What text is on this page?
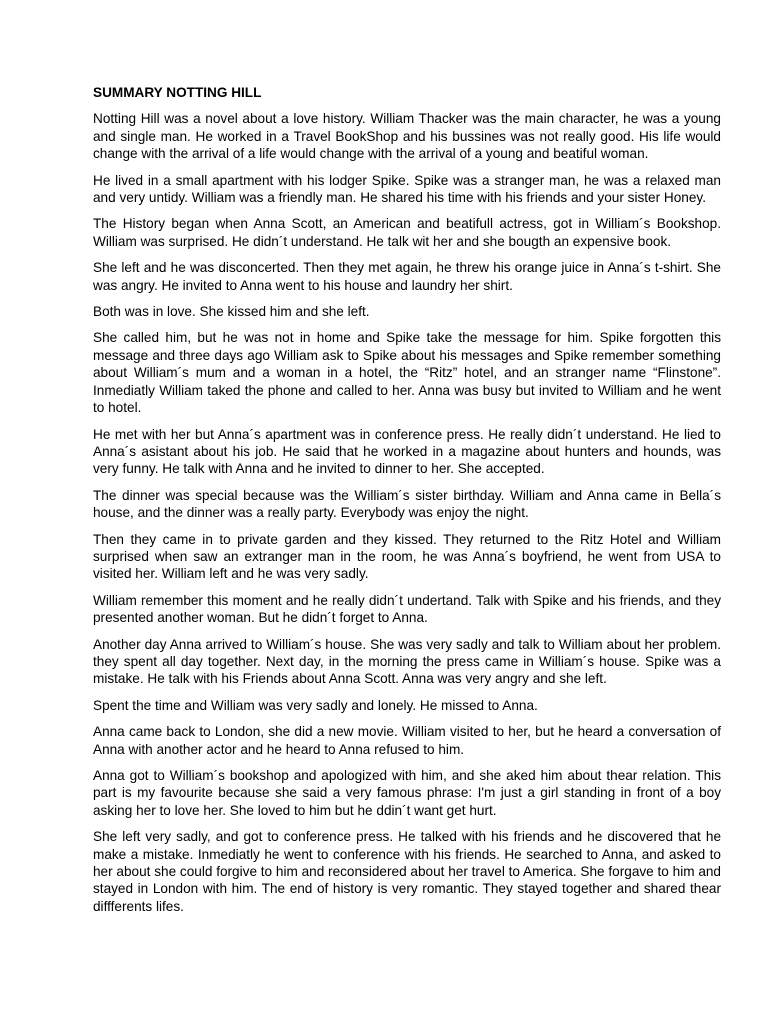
SUMMARY NOTTING HILL

Notting Hill was a novel about a love history. William Thacker was the main character, he was a young and single man. He worked in a Travel BookShop and his bussines was not really good. His life would change with the arrival of a life would change with the arrival of a young and beatiful woman.

He lived in a small apartment with his lodger Spike. Spike was a stranger man, he was a relaxed man and very untidy. William was a friendly man. He shared his time with his friends and your sister Honey.

The History began when Anna Scott, an American and beatifull actress, got in William´s Bookshop. William was surprised. He didn´t understand. He talk wit her and she bougth an expensive book.

She left and he was disconcerted. Then they met again, he threw his orange juice in Anna´s t-shirt. She was angry. He invited to Anna went to his house and laundry her shirt.

Both was in love. She kissed him and she left.

She called him, but he was not in home and Spike take the message for him. Spike forgotten this message and three days ago William ask to Spike about his messages and Spike remember something about William´s mum and a woman in a hotel, the “Ritz” hotel, and an stranger name “Flinstone”. Inmediatly William taked the phone and called to her. Anna was busy but invited to William and he went to hotel.

He met with her but Anna´s apartment was in conference press. He really didn´t understand. He lied to Anna´s asistant about his job. He said that he worked in a magazine about hunters and hounds, was very funny. He talk with Anna and he invited to dinner to her. She accepted.

The dinner was special because was the William´s sister birthday. William and Anna came in Bella´s house, and the dinner was a really party. Everybody was enjoy the night.

Then they came in to private garden and they kissed. They returned to the Ritz Hotel and William surprised when saw an extranger man in the room, he was Anna´s boyfriend, he went from USA to visited her. William left and he was very sadly.

William remember this moment and he really didn´t undertand. Talk with Spike and his friends, and they presented another woman. But he didn´t forget to Anna.

Another day Anna arrived to William´s house. She was very sadly and talk to William about her problem. they spent all day together. Next day, in the morning the press came in William´s house. Spike was a mistake. He talk with his Friends about Anna Scott. Anna was very angry and she left.

Spent the time and William was very sadly and lonely. He missed to Anna.

Anna came back to London, she did a new movie. William visited to her, but he heard a conversation of Anna with another actor and he heard to Anna refused to him.

Anna got to William´s bookshop and apologized with him, and she aked him about thear relation. This part is my favourite because she said a very famous phrase: I'm just a girl standing in front of a boy asking her to love her. She loved to him but he ddin´t want get hurt.

She left very sadly, and got to conference press. He talked with his friends and he discovered that he make a mistake. Inmediatly he went to conference with his friends. He searched to Anna, and asked to her about she could forgive to him and reconsidered about her travel to America. She forgave to him and stayed in London with him. The end of history is very romantic. They stayed together and shared thear diffferents lifes.
